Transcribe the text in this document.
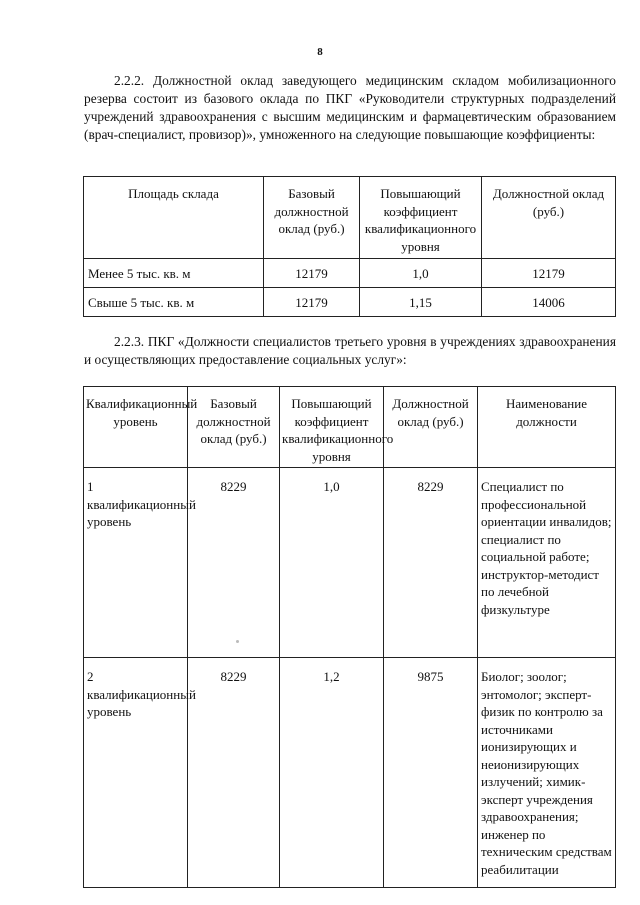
8

2.2.2. Должностной оклад заведующего медицинским складом мобилизационного резерва состоит из базового оклада по ПКГ «Руководители структурных подразделений учреждений здравоохранения с высшим медицинским и фармацевтическим образованием (врач-специалист, провизор)», умноженного на следующие повышающие коэффициенты:

Площадь склада	Базовый должностной оклад (руб.)	Повышающий коэффициент квалификационного уровня	Должностной оклад (руб.)
Менее 5 тыс. кв. м	12179	1,0	12179
Свыше 5 тыс. кв. м	12179	1,15	14006

2.2.3. ПКГ «Должности специалистов третьего уровня в учреждениях здравоохранения и осуществляющих предоставление социальных услуг»:

Квалификационный уровень	Базовый должностной оклад (руб.)	Повышающий коэффициент квалификационного уровня	Должностной оклад (руб.)	Наименование должности
1 квалификационный уровень	8229	1,0	8229	Специалист по профессиональной ориентации инвалидов; специалист по социальной работе; инструктор-методист по лечебной физкультуре
2 квалификационный уровень	8229	1,2	9875	Биолог; зоолог; энтомолог; эксперт-физик по контролю за источниками ионизирующих и неионизирующих излучений; химик-эксперт учреждения здравоохранения; инженер по техническим средствам реабилитации
